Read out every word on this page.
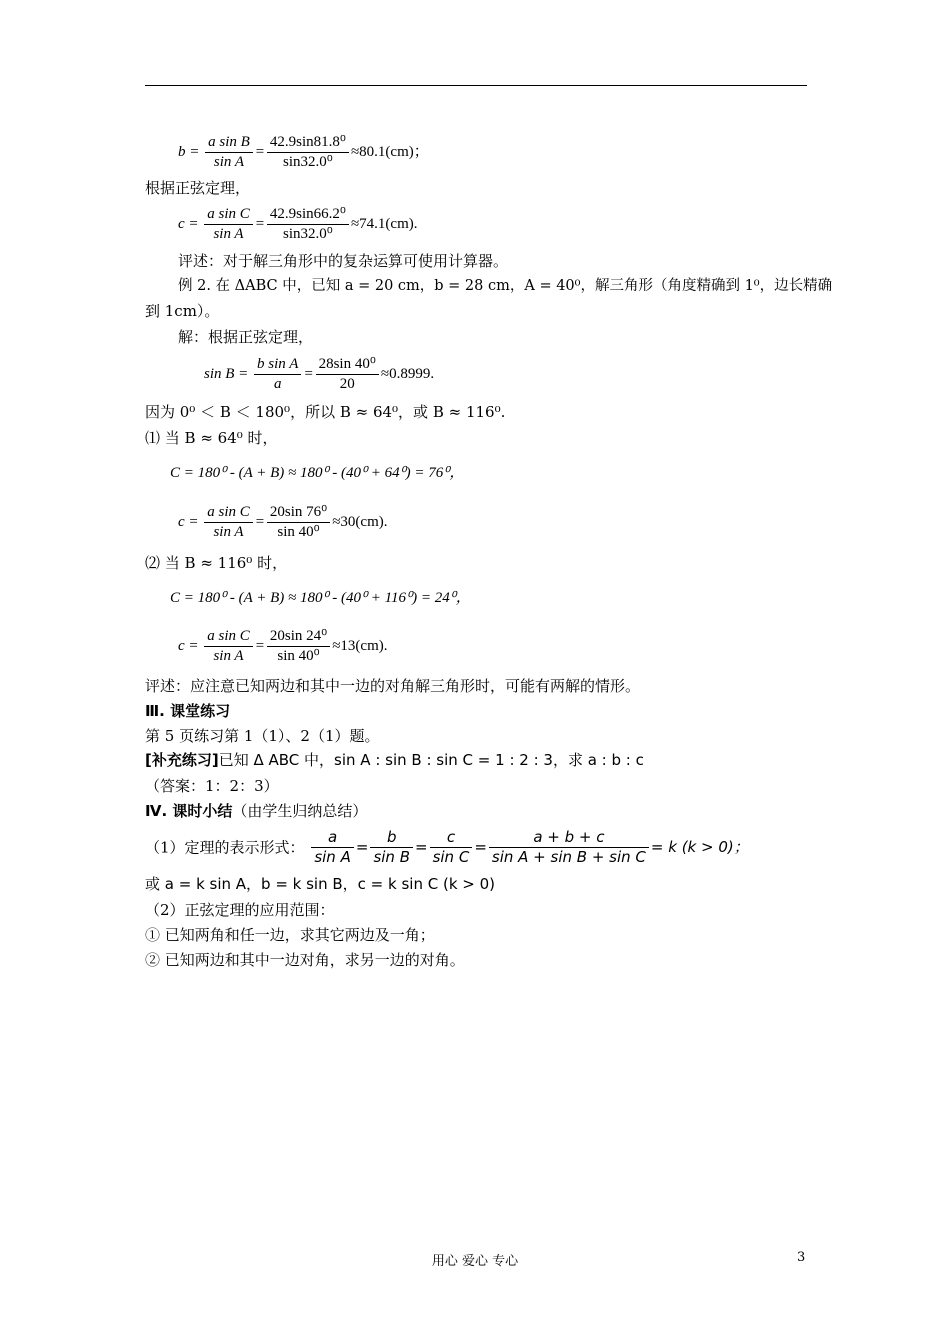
$b = \frac{\text{a sin B}}{\text{sin A}} = \frac{\text{42.9sin81.8⁰}}{\text{sin32.0⁰}} \approx 80.1(cm)$；
根据正弦定理，
$c = \frac{\text{a sin C}}{\text{sin A}} = \frac{\text{42.9sin66.2⁰}}{\text{sin32.0⁰}} \approx 74.1(cm)$.
评述：对于解三角形中的复杂运算可使用计算器。
例 2. 在 ΔABC 中，已知 a = 20 cm，b = 28 cm，A = 40⁰，解三角形（角度精确到 1⁰，边长精确
到 1cm）。
解：根据正弦定理，
$\sin B = \frac{\text{b sin A}}{a} = \frac{\text{28sin 40⁰}}{20} \approx 0.8999$.
因为 0⁰ ＜ B ＜ 180⁰，所以 B ≈ 64⁰，或 B ≈ 116⁰.
⑴ 当 B ≈ 64⁰ 时，
C = 180⁰ - (A + B) ≈ 180⁰ - (40⁰ + 64⁰) = 76⁰，
$c = \frac{\text{a sin C}}{\text{sin A}} = \frac{\text{20sin 76⁰}}{\text{sin 40⁰}} \approx 30(cm)$.
⑵ 当 B ≈ 116⁰ 时，
C = 180⁰ - (A + B) ≈ 180⁰ - (40⁰ + 116⁰) = 24⁰，
$c = \frac{\text{a sin C}}{\text{sin A}} = \frac{\text{20sin 24⁰}}{\text{sin 40⁰}} \approx 13(cm)$.
评述：应注意已知两边和其中一边的对角解三角形时，可能有两解的情形。
Ⅲ. 课堂练习
第 5 页练习第 1（1）、2（1）题。
[补充练习]已知 Δ ABC 中，sin A : sin B : sin C = 1 : 2 : 3，求 a : b : c
（答案：1：2：3）
Ⅳ. 课时小结（由学生归纳总结）
（1）定理的表示形式： $\frac{a}{\text{sin A}} = \frac{b}{\text{sin B}} = \frac{c}{\text{sin C}} = \frac{a + b + c}{\text{sin A + sin B + sin C}} = k$ (k > 0)；
或 a = k sin A，b = k sin B，c = k sin C (k > 0)
（2）正弦定理的应用范围：
① 已知两角和任一边，求其它两边及一角；
② 已知两边和其中一边对角，求另一边的对角。
用心 爱心 专心	3
